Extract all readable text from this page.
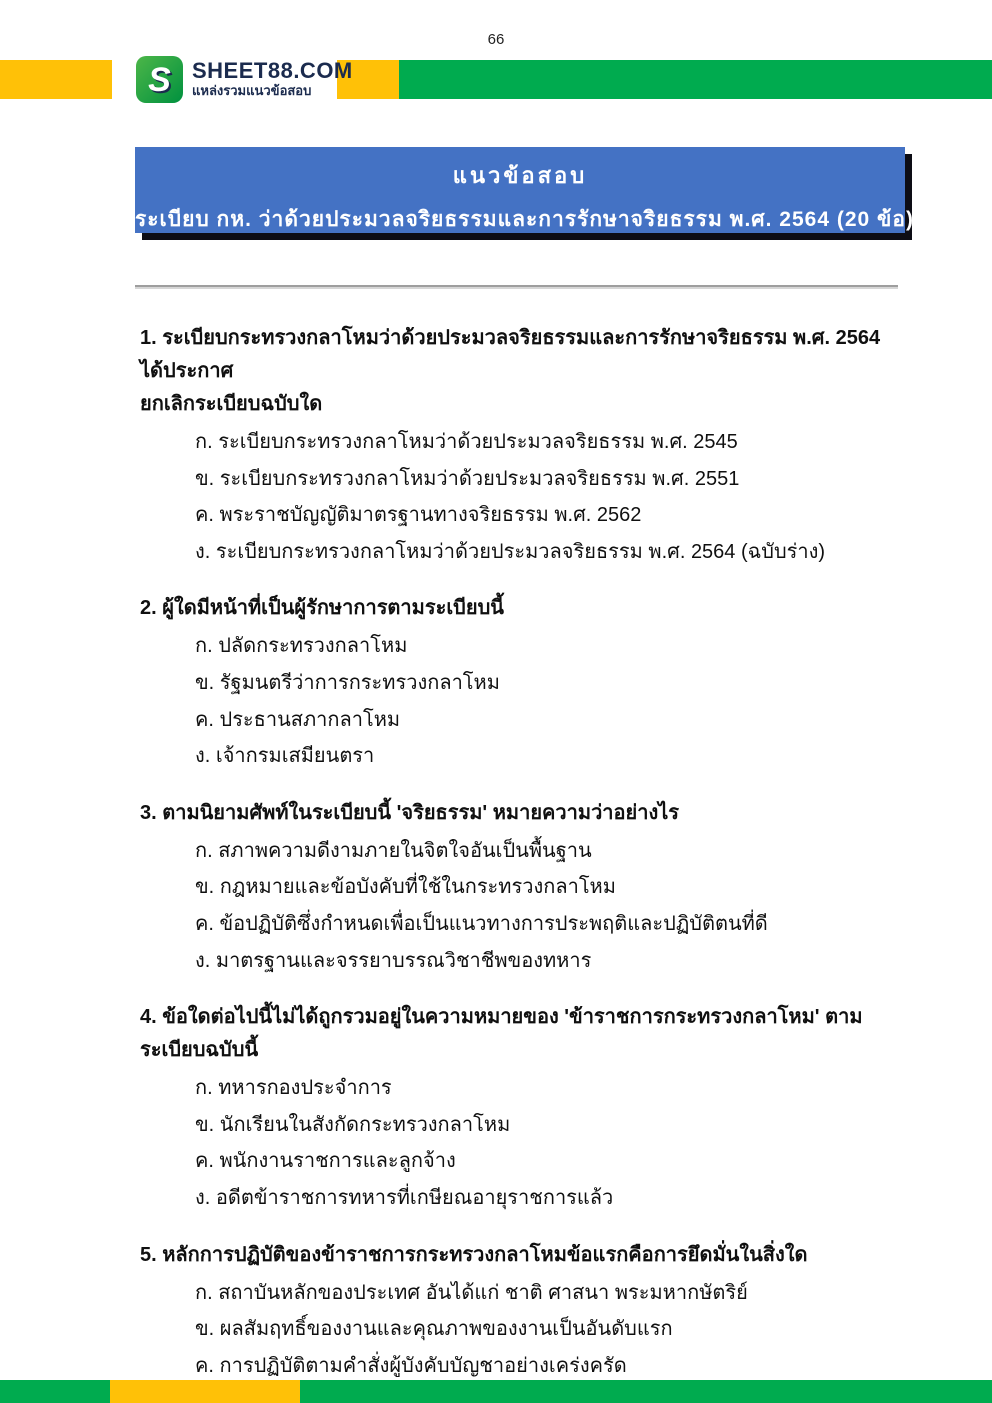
66
S SHEET88.COM
แหล่งรวมแนวข้อสอบ
แนวข้อสอบ
ระเบียบ กห. ว่าด้วยประมวลจริยธรรมและการรักษาจริยธรรม พ.ศ. 2564 (20 ข้อ)
1. ระเบียบกระทรวงกลาโหมว่าด้วยประมวลจริยธรรมและการรักษาจริยธรรม พ.ศ. 2564 ได้ประกาศ
ยกเลิกระเบียบฉบับใด
ก. ระเบียบกระทรวงกลาโหมว่าด้วยประมวลจริยธรรม พ.ศ. 2545
ข. ระเบียบกระทรวงกลาโหมว่าด้วยประมวลจริยธรรม พ.ศ. 2551
ค. พระราชบัญญัติมาตรฐานทางจริยธรรม พ.ศ. 2562
ง. ระเบียบกระทรวงกลาโหมว่าด้วยประมวลจริยธรรม พ.ศ. 2564 (ฉบับร่าง)
2. ผู้ใดมีหน้าที่เป็นผู้รักษาการตามระเบียบนี้
ก. ปลัดกระทรวงกลาโหม
ข. รัฐมนตรีว่าการกระทรวงกลาโหม
ค. ประธานสภากลาโหม
ง. เจ้ากรมเสมียนตรา
3. ตามนิยามศัพท์ในระเบียบนี้ 'จริยธรรม' หมายความว่าอย่างไร
ก. สภาพความดีงามภายในจิตใจอันเป็นพื้นฐาน
ข. กฎหมายและข้อบังคับที่ใช้ในกระทรวงกลาโหม
ค. ข้อปฏิบัติซึ่งกำหนดเพื่อเป็นแนวทางการประพฤติและปฏิบัติตนที่ดี
ง. มาตรฐานและจรรยาบรรณวิชาชีพของทหาร
4. ข้อใดต่อไปนี้ไม่ได้ถูกรวมอยู่ในความหมายของ 'ข้าราชการกระทรวงกลาโหม' ตามระเบียบฉบับนี้
ก. ทหารกองประจำการ
ข. นักเรียนในสังกัดกระทรวงกลาโหม
ค. พนักงานราชการและลูกจ้าง
ง. อดีตข้าราชการทหารที่เกษียณอายุราชการแล้ว
5. หลักการปฏิบัติของข้าราชการกระทรวงกลาโหมข้อแรกคือการยึดมั่นในสิ่งใด
ก. สถาบันหลักของประเทศ อันได้แก่ ชาติ ศาสนา พระมหากษัตริย์
ข. ผลสัมฤทธิ์ของงานและคุณภาพของงานเป็นอันดับแรก
ค. การปฏิบัติตามคำสั่งผู้บังคับบัญชาอย่างเคร่งครัด
